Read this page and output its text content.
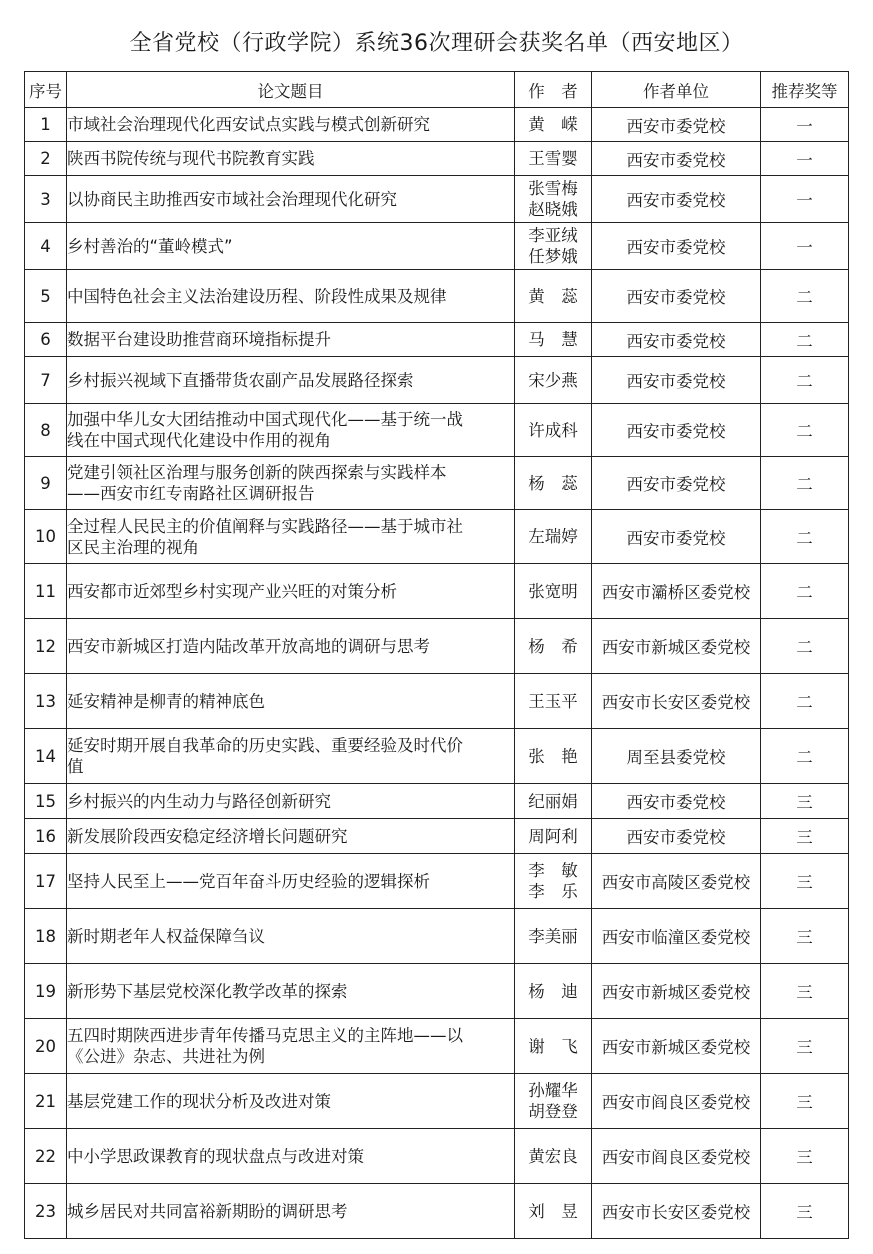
全省党校（行政学院）系统36次理研会获奖名单（西安地区）
序号	论文题目	作　者	作者单位	推荐奖等
1	市域社会治理现代化西安试点实践与模式创新研究	黄　嵘	西安市委党校	一
2	陕西书院传统与现代书院教育实践	王雪婴	西安市委党校	一
3	以协商民主助推西安市域社会治理现代化研究	张雪梅
赵晓娥	西安市委党校	一
4	乡村善治的“董岭模式”	李亚绒
任梦娥	西安市委党校	一
5	中国特色社会主义法治建设历程、阶段性成果及规律	黄　蕊	西安市委党校	二
6	数据平台建设助推营商环境指标提升	马　慧	西安市委党校	二
7	乡村振兴视域下直播带货农副产品发展路径探索	宋少燕	西安市委党校	二
8	加强中华儿女大团结推动中国式现代化——基于统一战
线在中国式现代化建设中作用的视角	许成科	西安市委党校	二
9	党建引领社区治理与服务创新的陕西探索与实践样本
——西安市红专南路社区调研报告	杨　蕊	西安市委党校	二
10	全过程人民民主的价值阐释与实践路径——基于城市社
区民主治理的视角	左瑞婷	西安市委党校	二
11	西安都市近郊型乡村实现产业兴旺的对策分析	张宽明	西安市灞桥区委党校	二
12	西安市新城区打造内陆改革开放高地的调研与思考	杨　希	西安市新城区委党校	二
13	延安精神是柳青的精神底色	王玉平	西安市长安区委党校	二
14	延安时期开展自我革命的历史实践、重要经验及时代价
值	张　艳	周至县委党校	二
15	乡村振兴的内生动力与路径创新研究	纪丽娟	西安市委党校	三
16	新发展阶段西安稳定经济增长问题研究	周阿利	西安市委党校	三
17	坚持人民至上——党百年奋斗历史经验的逻辑探析	李　敏
李　乐	西安市高陵区委党校	三
18	新时期老年人权益保障刍议	李美丽	西安市临潼区委党校	三
19	新形势下基层党校深化教学改革的探索	杨　迪	西安市新城区委党校	三
20	五四时期陕西进步青年传播马克思主义的主阵地——以
《公进》杂志、共进社为例	谢　飞	西安市新城区委党校	三
21	基层党建工作的现状分析及改进对策	孙耀华
胡登登	西安市阎良区委党校	三
22	中小学思政课教育的现状盘点与改进对策	黄宏良	西安市阎良区委党校	三
23	城乡居民对共同富裕新期盼的调研思考	刘　昱	西安市长安区委党校	三
